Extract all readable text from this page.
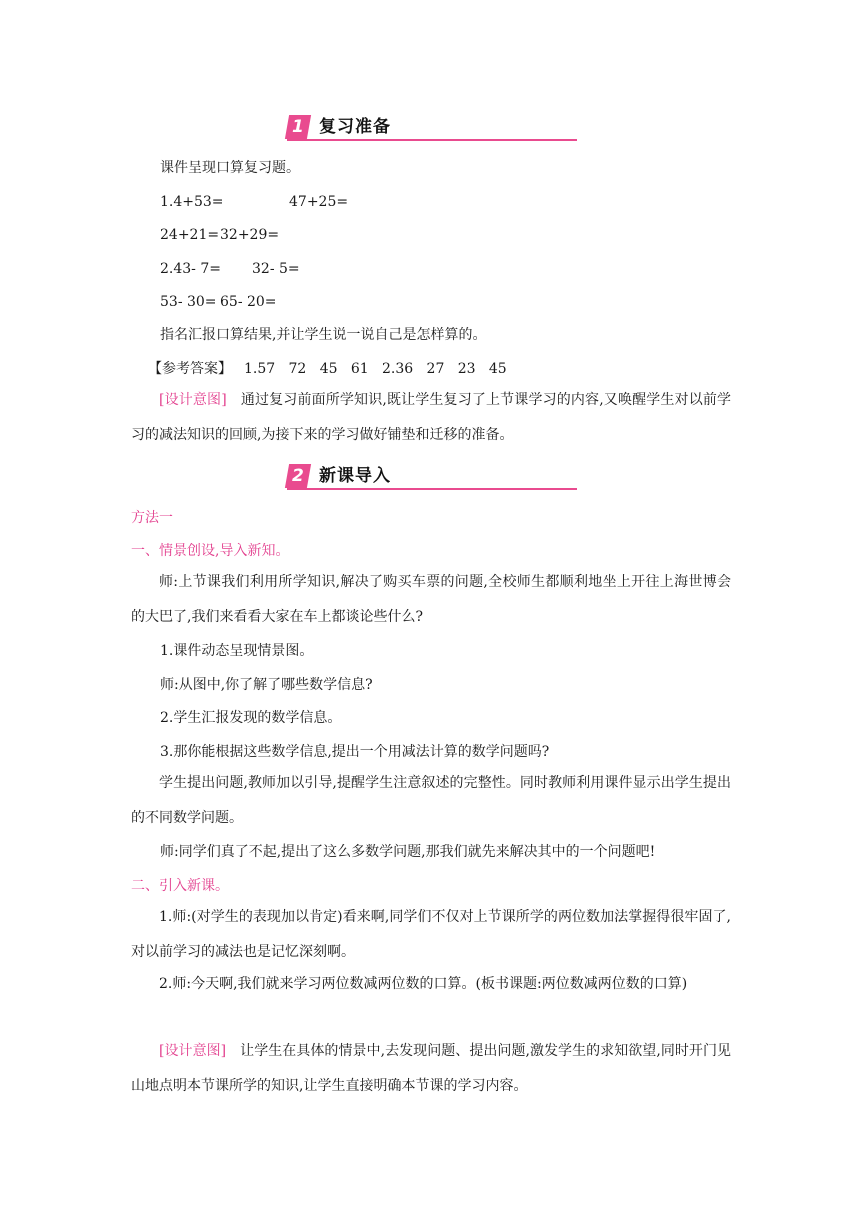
1 复习准备
课件呈现口算复习题。
1.4+53=	47+25=
24+21= 32+29=
2.43- 7= 32- 5=
53- 30= 65- 20=
指名汇报口算结果,并让学生说一说自己是怎样算的。
【参考答案】 1.57   72   45   61   2.36   27   23   45
[设计意图] 通过复习前面所学知识,既让学生复习了上节课学习的内容,又唤醒学生对以前学习的减法知识的回顾,为接下来的学习做好铺垫和迁移的准备。
2 新课导入
方法一
一、情景创设,导入新知。
师:上节课我们利用所学知识,解决了购买车票的问题,全校师生都顺利地坐上开往上海世博会的大巴了,我们来看看大家在车上都谈论些什么?
1.课件动态呈现情景图。
师:从图中,你了解了哪些数学信息?
2.学生汇报发现的数学信息。
3.那你能根据这些数学信息,提出一个用减法计算的数学问题吗?
学生提出问题,教师加以引导,提醒学生注意叙述的完整性。同时教师利用课件显示出学生提出的不同数学问题。
师:同学们真了不起,提出了这么多数学问题,那我们就先来解决其中的一个问题吧!
二、引入新课。
1.师:(对学生的表现加以肯定)看来啊,同学们不仅对上节课所学的两位数加法掌握得很牢固了,对以前学习的减法也是记忆深刻啊。
2.师:今天啊,我们就来学习两位数减两位数的口算。(板书课题:两位数减两位数的口算)
[设计意图] 让学生在具体的情景中,去发现问题、提出问题,激发学生的求知欲望,同时开门见山地点明本节课所学的知识,让学生直接明确本节课的学习内容。
